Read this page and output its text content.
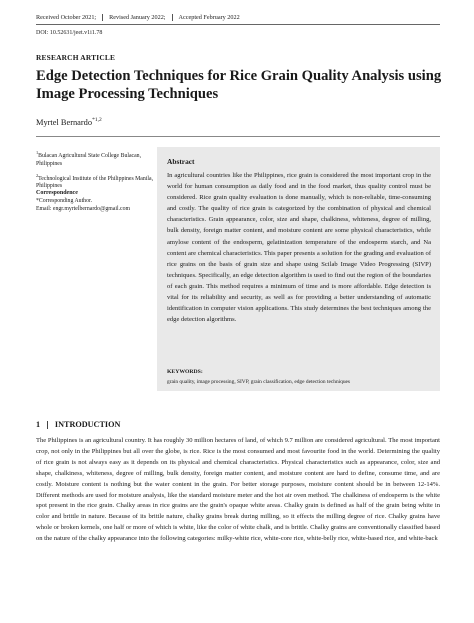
Received October 2021; Revised January 2022; Accepted February 2022
DOI: 10.52631/jeet.v1i1.78
RESEARCH ARTICLE
Edge Detection Techniques for Rice Grain Quality Analysis using Image Processing Techniques
Myrtel Bernardo$^{*1,2}$
$^1$Bulacan Agricultural State College Bulacan, Philippines
$^2$Technological Institute of the Philippines Manila, Philippines
Correspondence
*Corresponding Author.
Email: engr.myrtelbernardo@gmail.com
Abstract
In agricultural countries like the Philippines, rice grain is considered the most important crop in the world for human consumption as daily food and in the food market, thus quality control must be considered. Rice grain quality evaluation is done manually, which is non-reliable, time-consuming and costly. The quality of rice grain is categorized by the combination of physical and chemical characteristics. Grain appearance, color, size and shape, chalkiness, whiteness, degree of milling, bulk density, foreign matter content, and moisture content are some physical characteristics, while amylose content of the endosperm, gelatinization temperature of the endosperm starch, and Na content are chemical characteristics. This paper presents a solution for the grading and evaluation of rice grains on the basis of grain size and shape using Scilab Image Video Progressing (SIVP) techniques. Specifically, an edge detection algorithm is used to find out the region of the boundaries of each grain. This method requires a minimum of time and is more affordable. Edge detection is vital for its reliability and security, as well as for providing a better understanding of automatic identification in computer vision applications. This study determines the best techniques among the edge detection algorithms.
KEYWORDS:
grain quality, image processing, SIVP, grain classification, edge detection techniques
1 INTRODUCTION
The Philippines is an agricultural country. It has roughly 30 million hectares of land, of which 9.7 million are considered agricultural. The most important crop, not only in the Philippines but all over the globe, is rice. Rice is the most consumed and most favourite food in the world. Determining the quality of rice grain is not always easy as it depends on its physical and chemical characteristics. Physical characteristics such as appearance, color, size and shape, chalkiness, whiteness, degree of milling, bulk density, foreign matter content, and moisture content are hard to define, consume time, and are costly. Moisture content is nothing but the water content in the grain. For better storage purposes, moisture content should be in between 12-14%. Different methods are used for moisture analysis, like the standard moisture meter and the hot air oven method. The chalkiness of endosperm is the white spot present in the rice grain. Chalky areas in rice grains are the grain's opaque white areas. Chalky grain is defined as half of the grain being white in color and brittle in nature. Because of its brittle nature, chalky grains break during milling, so it effects the milling degree of rice. Chalky grains have whole or broken kernels, one half or more of which is white, like the color of white chalk, and is brittle. Chalky grains are conventionally classified based on the nature of the chalky appearance into the following categories: milky-white rice, white-core rice, white-belly rice, white-based rice, and white-back
